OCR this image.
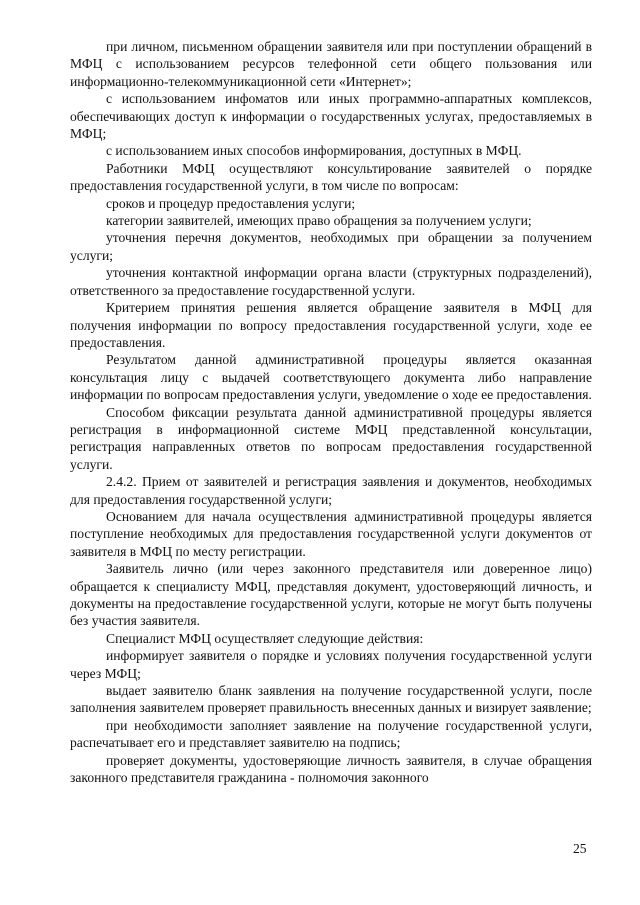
при личном, письменном обращении заявителя или при поступлении обращений в МФЦ с использованием ресурсов телефонной сети общего пользования или информационно-телекоммуникационной сети «Интернет»;

с использованием инфоматов или иных программно-аппаратных комплексов, обеспечивающих доступ к информации о государственных услугах, предоставляемых в МФЦ;

с использованием иных способов информирования, доступных в МФЦ.

Работники МФЦ осуществляют консультирование заявителей о порядке предоставления государственной услуги, в том числе по вопросам:

сроков и процедур предоставления услуги;

категории заявителей, имеющих право обращения за получением услуги;

уточнения перечня документов, необходимых при обращении за получением услуги;

уточнения контактной информации органа власти (структурных подразделений), ответственного за предоставление государственной услуги.

Критерием принятия решения является обращение заявителя в МФЦ для получения информации по вопросу предоставления государственной услуги, ходе ее предоставления.

Результатом данной административной процедуры является оказанная консультация лицу с выдачей соответствующего документа либо направление информации по вопросам предоставления услуги, уведомление о ходе ее предоставления.

Способом фиксации результата данной административной процедуры является регистрация в информационной системе МФЦ представленной консультации, регистрация направленных ответов по вопросам предоставления государственной услуги.

2.4.2. Прием от заявителей и регистрация заявления и документов, необходимых для предоставления государственной услуги;

Основанием для начала осуществления административной процедуры является поступление необходимых для предоставления государственной услуги документов от заявителя в МФЦ по месту регистрации.

Заявитель лично (или через законного представителя или доверенное лицо) обращается к специалисту МФЦ, представляя документ, удостоверяющий личность, и документы на предоставление государственной услуги, которые не могут быть получены без участия заявителя.

Специалист МФЦ осуществляет следующие действия:

информирует заявителя о порядке и условиях получения государственной услуги через МФЦ;

выдает заявителю бланк заявления на получение государственной услуги, после заполнения заявителем проверяет правильность внесенных данных и визирует заявление;

при необходимости заполняет заявление на получение государственной услуги, распечатывает его и представляет заявителю на подпись;

проверяет документы, удостоверяющие личность заявителя, в случае обращения законного представителя гражданина - полномочия законного

25
